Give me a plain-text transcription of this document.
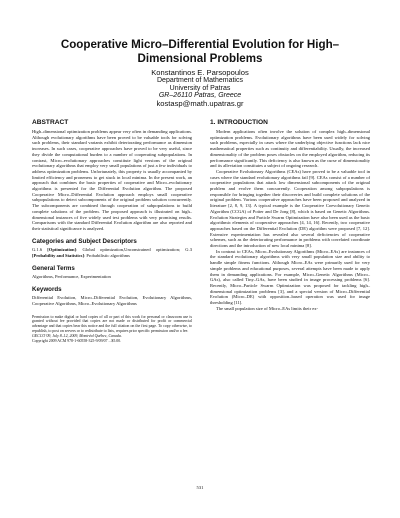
Cooperative Micro–Differential Evolution for High–Dimensional Problems
Konstantinos E. Parsopoulos
Department of Mathematics
University of Patras
GR–26110 Patras, Greece
kostasp@math.upatras.gr
ABSTRACT

High–dimensional optimization problems appear very often in demanding applications. Although evolutionary algorithms have been proved to be valuable tools for solving such problems, their standard variants exhibit deteriorating performance as dimension increases. In such cases, cooperative approaches have proved to be very useful, since they divide the computational burden to a number of cooperating subpopulations. In contrast, Micro–evolutionary approaches constitute light versions of the original evolutionary algorithms that employ very small populations of just a few individuals to address optimization problems. Unfortunately, this property is usually accompanied by limited efficiency and proneness to get stuck in local minima. In the present work, an approach that combines the basic properties of cooperative and Micro–evolutionary algorithms is presented for the Differential Evolution algorithm. The proposed Cooperative Micro–Differential Evolution approach employs small cooperative subpopulations to detect subcomponents of the original problem solution concurrently. The subcomponents are combined through cooperation of subpopulations to build complete solutions of the problem. The proposed approach is illustrated on high–dimensional instances of five widely used test problems with very promising results. Comparisons with the standard Differential Evolution algorithm are also reported and their statistical significance is analyzed.

Categories and Subject Descriptors

G.1.6 [Optimization]: Global optimization,Unconstrained optimization; G.3 [Probability and Statistics]: Probabilistic algorithms

General Terms

Algorithms, Performance, Experimentation

Keywords

Differential Evolution, Micro–Differential Evolution, Evolutionary Algorithms, Cooperative Algorithms, Micro–Evolutionary Algorithms

Permission to make digital or hard copies of all or part of this work for personal or classroom use is granted without fee provided that copies are not made or distributed for profit or commercial advantage and that copies bear this notice and the full citation on the first page. To copy otherwise, to republish, to post on servers or to redistribute to lists, requires prior specific permission and/or a fee.

GECCO’09, July 8–12, 2009, Montréal Québec, Canada.

Copyright 2009 ACM 978-1-60558-325-9/09/07 ...$5.00.

1. INTRODUCTION

Modern applications often involve the solution of complex high–dimensional optimization problems. Evolutionary algorithms have been used widely for solving such problems, especially in cases where the underlying objective functions lack nice mathematical properties such as continuity and differentiability. Usually, the increased dimensionality of the problem poses obstacles on the employed algorithm, reducing its performance significantly. This deficiency is also known as the curse of dimensionality and its alleviation constitutes a subject of ongoing research.

Cooperative Evolutionary Algorithms (CEAs) have proved to be a valuable tool in cases where the standard evolutionary algorithms fail [9]. CEAs consist of a number of cooperative populations that attack low dimensional subcomponents of the original problem and evolve them concurrently. Cooperation among subpopulations is responsible for bringing together their discoveries and build complete solutions of the original problem. Various cooperative approaches have been proposed and analyzed in literature [2, 8, 9, 13]. A typical example is the Cooperative Coevolutionary Genetic Algorithm (CCGA) of Potter and De Jong [8], which is based on Genetic Algorithms. Evolution Strategies and Particle Swarm Optimization have also been used as the basic algorithmic elements of cooperative approaches [4, 14, 16]. Recently, two cooperative approaches based on the Differential Evolution (DE) algorithm were proposed [7, 12]. Extensive experimentation has revealed also several deficiencies of cooperative schemes, such as the deteriorating performance in problems with correlated coordinate directions and the introduction of new local minima [8].

In contrast to CEAs, Micro–Evolutionary Algorithms (Micro–EAs) are instances of the standard evolutionary algorithms with very small population size and ability to handle simple fitness functions. Although Micro–EAs were primarily used for very simple problems and educational purposes, several attempts have been made to apply them in demanding applications. For example, Micro–Genetic Algorithms (Micro–GAs), also called Tiny–GAs, have been studied in image processing problems [6]. Recently, Micro–Particle Swarm Optimization was proposed for tackling high–dimensional optimization problems [3], and a special version of Micro–Differential Evolution (Micro–DE) with opposition–based operation was used for image thresholding [11].

The small population size of Micro–EAs limits their ex-

531
